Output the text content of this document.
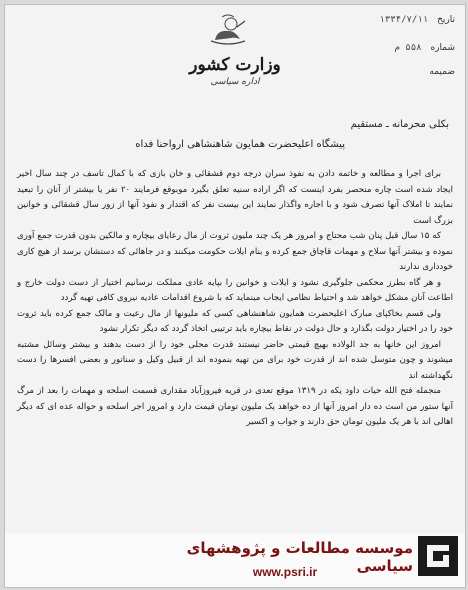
وزارت کشور
اداره سیاسی
تاریخ ۱۳۳۴/۷/۱۱
شماره ۵۵۸ م
ضمیمه
بکلی محرمانه ـ مستقیم
پیشگاه اعلیحضرت همایون شاهنشاهی ارواحنا فداه

برای اجرا و مطالعه و خاتمه دادن به نفوذ سران درجه دوم قشقائی و خان بازی که با کمال تاسف در چند سال اخیر ایجاد شده است چاره منحصر بفرد اینست که اگر اراده سنیه تعلق بگیرد موبوقع فرمایند ۲۰ نفر یا بیشتر از آنان را تبعید نمایند تا املاک آنها تصرف شود و با اجاره واگذار نمایند این بیست نفر که اقتدار و نفوذ آنها از زور سال قشقائی و خوانین بزرگ است

که ۱۵ سال قبل پنان شب محتاج و امروز هر یک چند ملیون ثروت از مال رعایای بیچاره و مالکین بدون قدرت جمع آوری نموده و بیشتر آنها سلاح و مهمات قاچاق جمع کرده و بنام ایلات حکومت میکنند و در جاهائی که دستشان برسد از هیچ کاری خودداری ندارند

و هر گاه بطرز محکمی جلوگیری نشود و ایلات و خوانین را بپایه عادی مملکت نرسانیم اختیار از دست دولت خارج و اطاعت آنان مشکل خواهد شد و احتیاط نظامی ایجاب مینماید که با شروع اقدامات عادیه نیروی کافی تهیه گردد

ولی قسم بخاکپای مبارک اعلیحضرت همایون شاهنشاهی کسی که ملیونها از مال رعیت و مالک جمع کرده باید ثروت خود را در اختیار دولت بگذارد و حال دولت در نقاط بیچاره باید ترتیبی اتخاذ گردد که دیگر تکرار نشود

امروز این خانها به جد الولاده بهیچ قیمتی حاضر نیستند قدرت محلی خود را از دست بدهند و بیشتر وسائل مشتبه میشوند و چون متوسل شده اند از قدرت خود برای من تهیه بنموده اند از قبیل وکیل و سناتور و بعضی افسرها را دست نگهداشته اند

منجمله فتح الله حیات داود یکه در ۱۳۱۹ موقع تعدی در قریه فیروزآباد مقداری قسمت اسلحه و مهمات را بعد از مرگ آنها ستور من است ده دار امروز آنها از ده خواهد یک ملیون تومان قیمت دارد و امروز اجر اسلحه و حواله عده ای که دیگر اهالی اند با هر یک ملیون تومان حق دارند و جواب و اکسیر

موسسه مطالعات و پژوهشهای سیاسی
www.psri.ir
